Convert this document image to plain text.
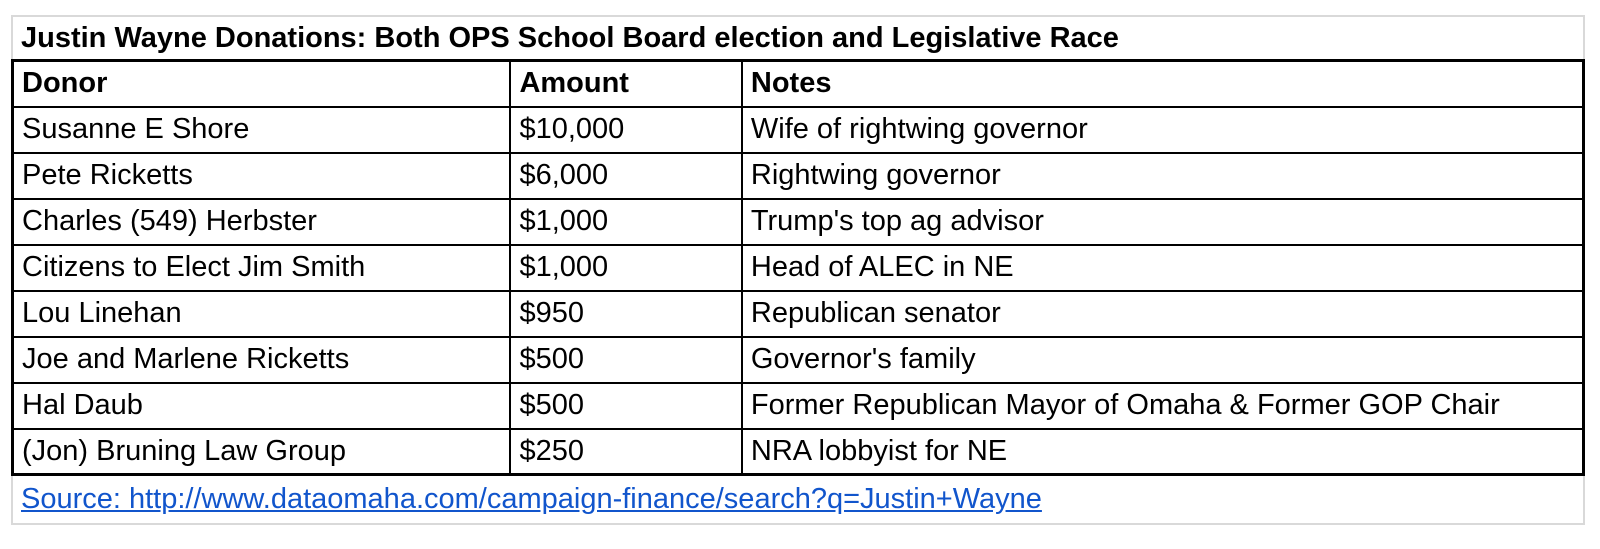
Justin Wayne Donations: Both OPS School Board election and Legislative Race
Donor	Amount	Notes
Susanne E Shore	$10,000	Wife of rightwing governor
Pete Ricketts	$6,000	Rightwing governor
Charles (549) Herbster	$1,000	Trump's top ag advisor
Citizens to Elect Jim Smith	$1,000	Head of ALEC in NE
Lou Linehan	$950	Republican senator
Joe and Marlene Ricketts	$500	Governor's family
Hal Daub	$500	Former Republican Mayor of Omaha & Former GOP Chair
(Jon) Bruning Law Group	$250	NRA lobbyist for NE
Source: http://www.dataomaha.com/campaign-finance/search?q=Justin+Wayne
